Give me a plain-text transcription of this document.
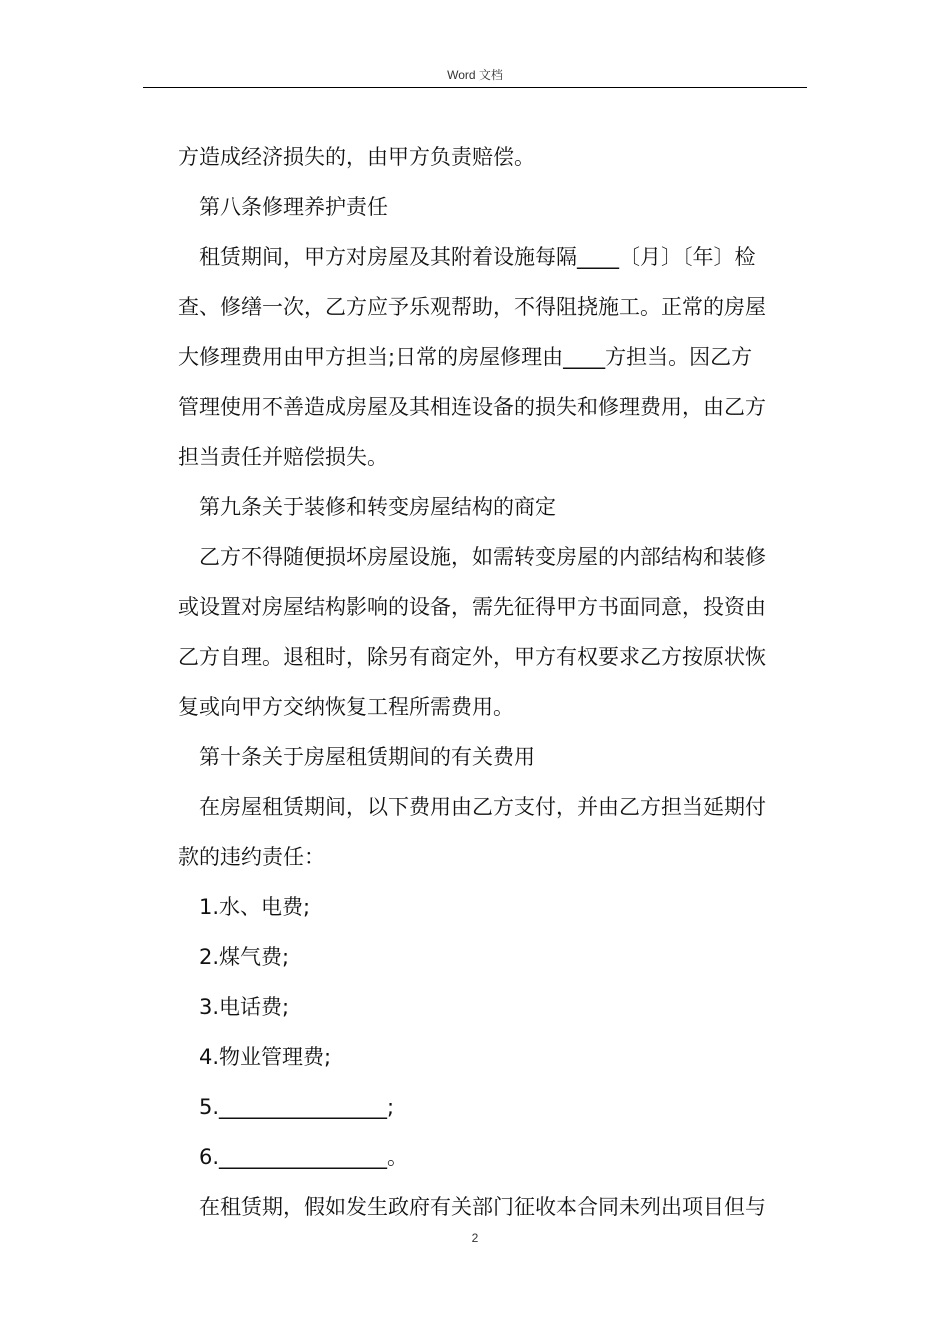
Word 文档

方造成经济损失的，由甲方负责赔偿。

第八条修理养护责任

租赁期间，甲方对房屋及其附着设施每隔____〔月〕〔年〕检

查、修缮一次，乙方应予乐观帮助，不得阻挠施工。正常的房屋

大修理费用由甲方担当;日常的房屋修理由____方担当。因乙方

管理使用不善造成房屋及其相连设备的损失和修理费用，由乙方

担当责任并赔偿损失。

第九条关于装修和转变房屋结构的商定

乙方不得随便损坏房屋设施，如需转变房屋的内部结构和装修

或设置对房屋结构影响的设备，需先征得甲方书面同意，投资由

乙方自理。退租时，除另有商定外，甲方有权要求乙方按原状恢

复或向甲方交纳恢复工程所需费用。

第十条关于房屋租赁期间的有关费用

在房屋租赁期间，以下费用由乙方支付，并由乙方担当延期付

款的违约责任：

1.水、电费;

2.煤气费;

3.电话费;

4.物业管理费;

5.________________;

6.________________。

在租赁期，假如发生政府有关部门征收本合同未列出项目但与

2
